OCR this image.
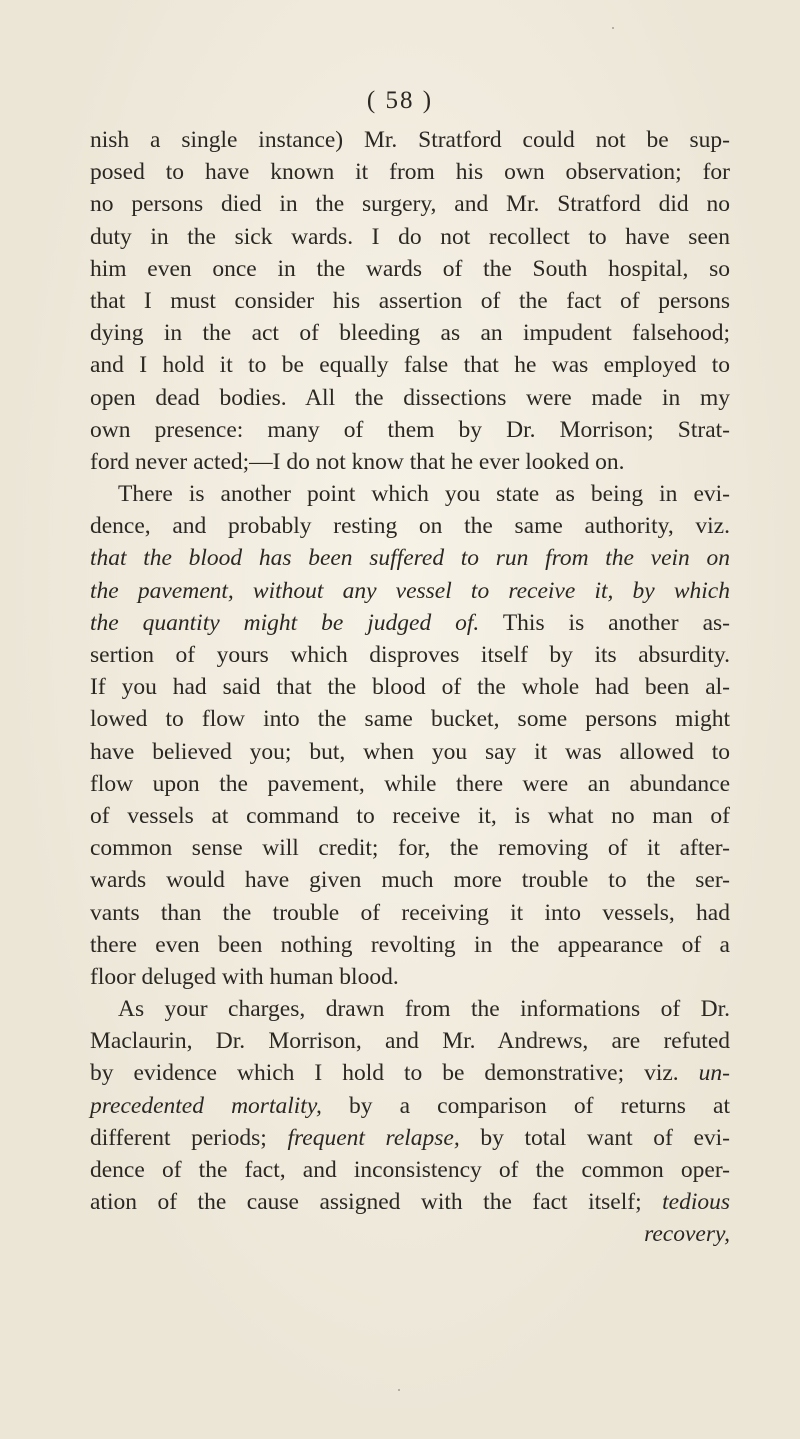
( 58 )
nish a single instance) Mr. Stratford could not be sup-
posed to have known it from his own observation; for
no persons died in the surgery, and Mr. Stratford did no
duty in the sick wards. I do not recollect to have seen
him even once in the wards of the South hospital, so
that I must consider his assertion of the fact of persons
dying in the act of bleeding as an impudent falsehood;
and I hold it to be equally false that he was employed to
open dead bodies. All the dissections were made in my
own presence: many of them by Dr. Morrison; Strat-
ford never acted;—I do not know that he ever looked on.
There is another point which you state as being in evi-
dence, and probably resting on the same authority, viz.
that the blood has been suffered to run from the vein on
the pavement, without any vessel to receive it, by which
the quantity might be judged of. This is another as-
sertion of yours which disproves itself by its absurdity.
If you had said that the blood of the whole had been al-
lowed to flow into the same bucket, some persons might
have believed you; but, when you say it was allowed to
flow upon the pavement, while there were an abundance
of vessels at command to receive it, is what no man of
common sense will credit; for, the removing of it after-
wards would have given much more trouble to the ser-
vants than the trouble of receiving it into vessels, had
there even been nothing revolting in the appearance of a
floor deluged with human blood.
As your charges, drawn from the informations of Dr.
Maclaurin, Dr. Morrison, and Mr. Andrews, are refuted
by evidence which I hold to be demonstrative; viz. un-
precedented mortality, by a comparison of returns at
different periods; frequent relapse, by total want of evi-
dence of the fact, and inconsistency of the common oper-
ation of the cause assigned with the fact itself; tedious
recovery,
